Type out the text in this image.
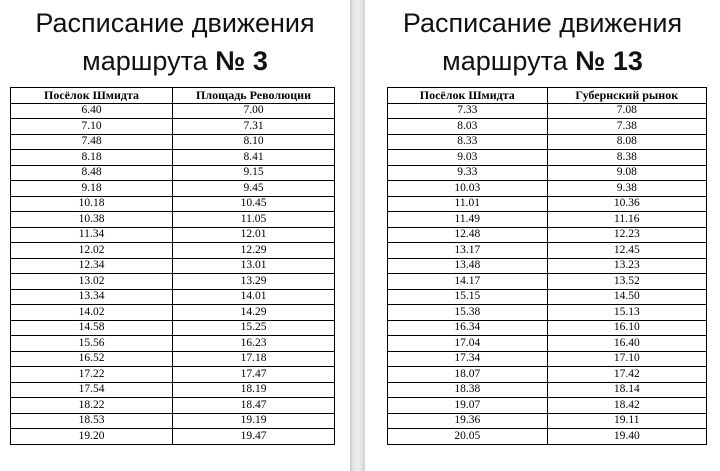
Расписание движения
маршрута № 3
Посёлок Шмидта	Площадь Революции
6.40	7.00
7.10	7.31
7.48	8.10
8.18	8.41
8.48	9.15
9.18	9.45
10.18	10.45
10.38	11.05
11.34	12.01
12.02	12.29
12.34	13.01
13.02	13.29
13.34	14.01
14.02	14.29
14.58	15.25
15.56	16.23
16.52	17.18
17.22	17.47
17.54	18.19
18.22	18.47
18.53	19.19
19.20	19.47
Расписание движения
маршрута № 13
Посёлок Шмидта	Губернский рынок
7.33	7.08
8.03	7.38
8.33	8.08
9.03	8.38
9.33	9.08
10.03	9.38
11.01	10.36
11.49	11.16
12.48	12.23
13.17	12.45
13.48	13.23
14.17	13.52
15.15	14.50
15.38	15.13
16.34	16.10
17.04	16.40
17.34	17.10
18.07	17.42
18.38	18.14
19.07	18.42
19.36	19.11
20.05	19.40
